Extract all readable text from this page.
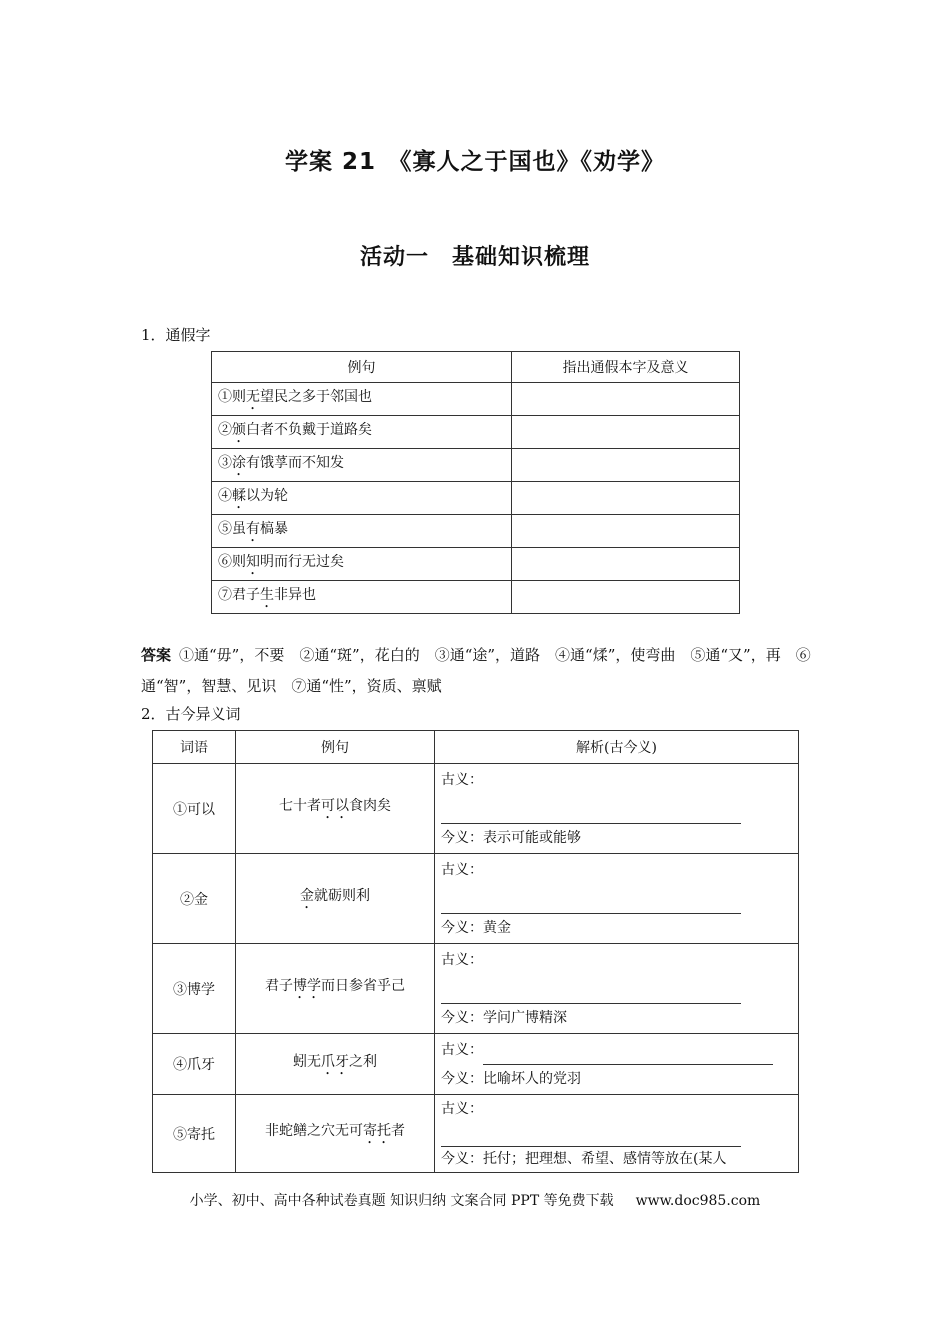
学案 21　《寡人之于国也》《劝学》
活动一　基础知识梳理
1．通假字
例句	指出通假本字及意义
①则无望民之多于邻国也	
②颁白者不负戴于道路矣	
③涂有饿莩而不知发	
④輮以为轮	
⑤虽有槁暴	
⑥则知明而行无过矣	
⑦君子生非异也	
答案 ①通“毋”，不要　②通“斑”，花白的　③通“途”，道路　④通“煣”，使弯曲　⑤通“又”，再　⑥通“智”，智慧、见识　⑦通“性”，资质、禀赋
2．古今异义词
词语	例句	解析(古今义)
①可以	七十者可以食肉矣	古义：
今义：表示可能或能够

②金	金就砺则利	古义：
今义：黄金

③博学	君子博学而日参省乎己	古义：
今义：学问广博精深

④爪牙	蚓无爪牙之利	古义：
今义：比喻坏人的党羽

⑤寄托	非蛇鳝之穴无可寄托者	古义：
今义：托付；把理想、希望、感情等放在(某人
小学、初中、高中各种试卷真题 知识归纳 文案合同 PPT 等免费下载 www.doc985.com
